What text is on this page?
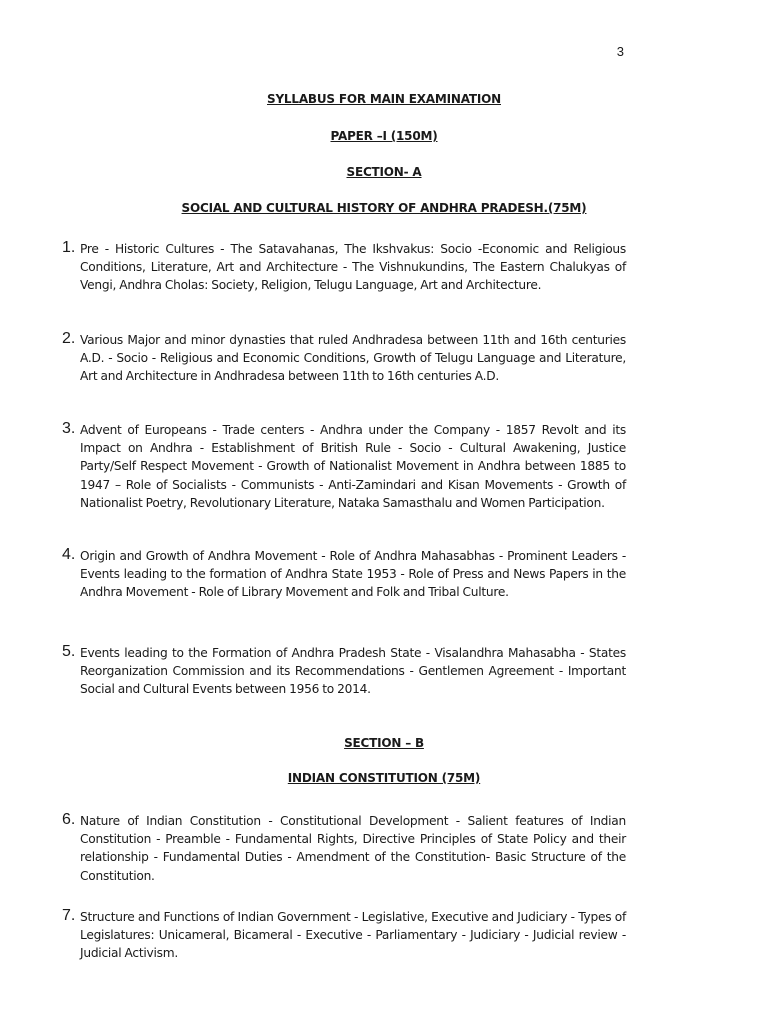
3
SYLLABUS FOR MAIN EXAMINATION
PAPER –I (150M)
SECTION- A
SOCIAL AND CULTURAL HISTORY OF ANDHRA PRADESH.(75M)
1. Pre - Historic Cultures - The Satavahanas, The Ikshvakus: Socio -Economic and Religious Conditions, Literature, Art and Architecture - The Vishnukundins, The Eastern Chalukyas of Vengi, Andhra Cholas: Society, Religion, Telugu Language, Art and Architecture.
2. Various Major and minor dynasties that ruled Andhradesa between 11th and 16th centuries A.D. - Socio - Religious and Economic Conditions, Growth of Telugu Language and Literature, Art and Architecture in Andhradesa between 11th to 16th centuries A.D.
3. Advent of Europeans - Trade centers - Andhra under the Company - 1857 Revolt and its Impact on Andhra - Establishment of British Rule - Socio - Cultural Awakening, Justice Party/Self Respect Movement - Growth of Nationalist Movement in Andhra between 1885 to 1947 – Role of Socialists - Communists - Anti-Zamindari and Kisan Movements - Growth of Nationalist Poetry, Revolutionary Literature, Nataka Samasthalu and Women Participation.
4. Origin and Growth of Andhra Movement - Role of Andhra Mahasabhas - Prominent Leaders - Events leading to the formation of Andhra State 1953 - Role of Press and News Papers in the Andhra Movement - Role of Library Movement and Folk and Tribal Culture.
5. Events leading to the Formation of Andhra Pradesh State - Visalandhra Mahasabha - States Reorganization Commission and its Recommendations - Gentlemen Agreement - Important Social and Cultural Events between 1956 to 2014.
SECTION – B
INDIAN CONSTITUTION (75M)
6. Nature of Indian Constitution - Constitutional Development - Salient features of Indian Constitution - Preamble - Fundamental Rights, Directive Principles of State Policy and their relationship - Fundamental Duties - Amendment of the Constitution- Basic Structure of the Constitution.
7. Structure and Functions of Indian Government - Legislative, Executive and Judiciary - Types of Legislatures: Unicameral, Bicameral - Executive - Parliamentary - Judiciary - Judicial review - Judicial Activism.
